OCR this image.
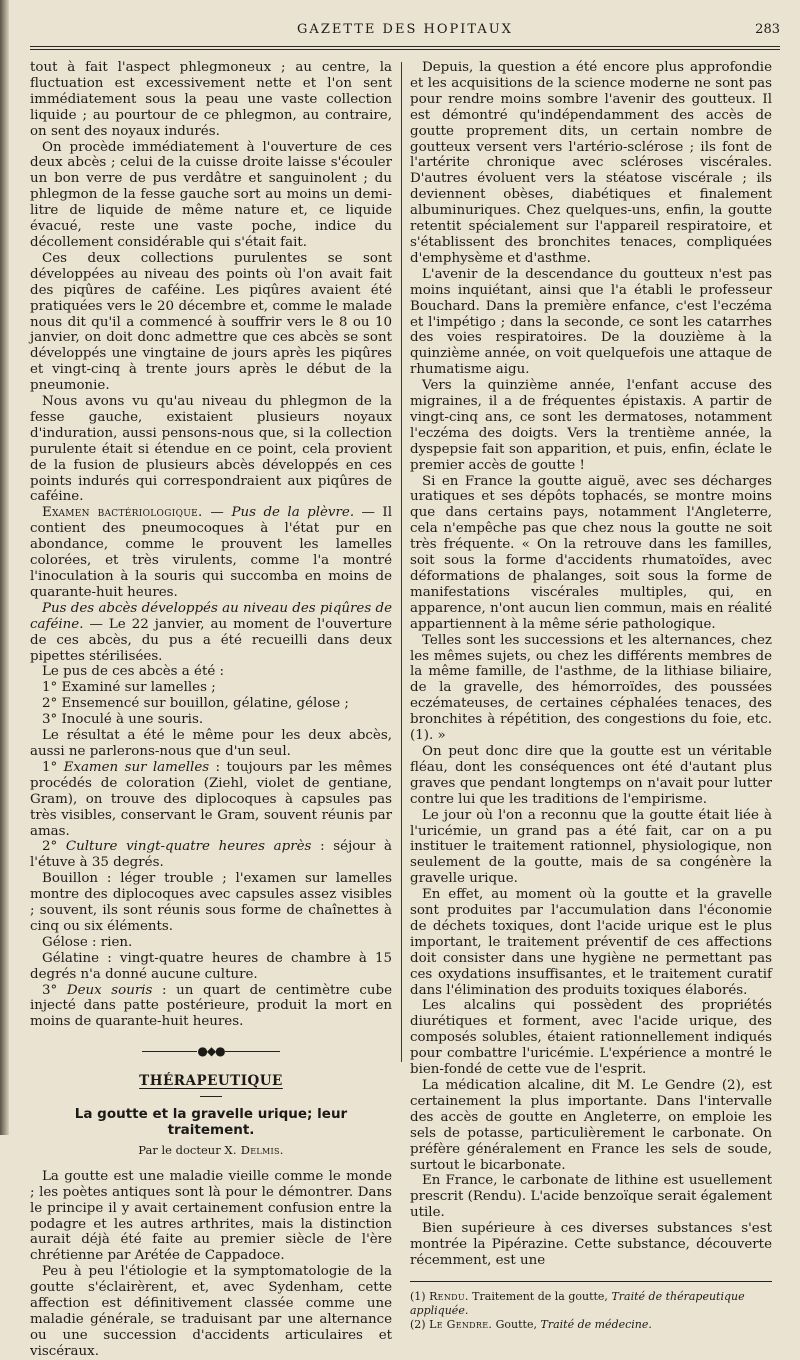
GAZETTE DES HOPITAUX	283

tout à fait l'aspect phlegmoneux ; au centre, la fluctuation est excessivement nette et l'on sent immédiatement sous la peau une vaste collection liquide ; au pourtour de ce phlegmon, au contraire, on sent des noyaux indurés.

On procède immédiatement à l'ouverture de ces deux abcès ; celui de la cuisse droite laisse s'écouler un bon verre de pus verdâtre et sanguinolent ; du phlegmon de la fesse gauche sort au moins un demi-litre de liquide de même nature et, ce liquide évacué, reste une vaste poche, indice du décollement considérable qui s'était fait.

Ces deux collections purulentes se sont développées au niveau des points où l'on avait fait des piqûres de caféine. Les piqûres avaient été pratiquées vers le 20 décembre et, comme le malade nous dit qu'il a commencé à souffrir vers le 8 ou 10 janvier, on doit donc admettre que ces abcès se sont développés une vingtaine de jours après les piqûres et vingt-cinq à trente jours après le début de la pneumonie.

Nous avons vu qu'au niveau du phlegmon de la fesse gauche, existaient plusieurs noyaux d'induration, aussi pensons-nous que, si la collection purulente était si étendue en ce point, cela provient de la fusion de plusieurs abcès développés en ces points indurés qui correspondraient aux piqûres de caféine.

Examen bactériologique. — Pus de la plèvre. — Il contient des pneumocoques à l'état pur en abondance, comme le prouvent les lamelles colorées, et très virulents, comme l'a montré l'inoculation à la souris qui succomba en moins de quarante-huit heures.

Pus des abcès développés au niveau des piqûres de caféine. — Le 22 janvier, au moment de l'ouverture de ces abcès, du pus a été recueilli dans deux pipettes stérilisées.

Le pus de ces abcès a été :

1° Examiné sur lamelles ;

2° Ensemencé sur bouillon, gélatine, gélose ;

3° Inoculé à une souris.

Le résultat a été le même pour les deux abcès, aussi ne parlerons-nous que d'un seul.

1° Examen sur lamelles : toujours par les mêmes procédés de coloration (Ziehl, violet de gentiane, Gram), on trouve des diplocoques à capsules pas très visibles, conservant le Gram, souvent réunis par amas.

2° Culture vingt-quatre heures après : séjour à l'étuve à 35 degrés.

Bouillon : léger trouble ; l'examen sur lamelles montre des diplocoques avec capsules assez visibles ; souvent, ils sont réunis sous forme de chaînettes à cinq ou six éléments.

Gélose : rien.

Gélatine : vingt-quatre heures de chambre à 15 degrés n'a donné aucune culture.

3° Deux souris : un quart de centimètre cube injecté dans patte postérieure, produit la mort en moins de quarante-huit heures.

●◆●
THÉRAPEUTIQUE
La goutte et la gravelle urique; leur traitement.
Par le docteur X. Delmis.

La goutte est une maladie vieille comme le monde ; les poètes antiques sont là pour le démontrer. Dans le principe il y avait certainement confusion entre la podagre et les autres arthrites, mais la distinction aurait déjà été faite au premier siècle de l'ère chrétienne par Arétée de Cappadoce.

Peu à peu l'étiologie et la symptomatologie de la goutte s'éclairèrent, et, avec Sydenham, cette affection est définitivement classée comme une maladie générale, se traduisant par une alternance ou une succession d'accidents articulaires et viscéraux.

Depuis, la question a été encore plus approfondie et les acquisitions de la science moderne ne sont pas pour rendre moins sombre l'avenir des goutteux. Il est démontré qu'indépendamment des accès de goutte proprement dits, un certain nombre de goutteux versent vers l'artério-sclérose ; ils font de l'artérite chronique avec scléroses viscérales. D'autres évoluent vers la stéatose viscérale ; ils deviennent obèses, diabétiques et finalement albuminuriques. Chez quelques-uns, enfin, la goutte retentit spécialement sur l'appareil respiratoire, et s'établissent des bronchites tenaces, compliquées d'emphysème et d'asthme.

L'avenir de la descendance du goutteux n'est pas moins inquiétant, ainsi que l'a établi le professeur Bouchard. Dans la première enfance, c'est l'eczéma et l'impétigo ; dans la seconde, ce sont les catarrhes des voies respiratoires. De la douzième à la quinzième année, on voit quelquefois une attaque de rhumatisme aigu.

Vers la quinzième année, l'enfant accuse des migraines, il a de fréquentes épistaxis. A partir de vingt-cinq ans, ce sont les dermatoses, notamment l'eczéma des doigts. Vers la trentième année, la dyspepsie fait son apparition, et puis, enfin, éclate le premier accès de goutte !

Si en France la goutte aiguë, avec ses décharges uratiques et ses dépôts tophacés, se montre moins que dans certains pays, notamment l'Angleterre, cela n'empêche pas que chez nous la goutte ne soit très fréquente. « On la retrouve dans les familles, soit sous la forme d'accidents rhumatoïdes, avec déformations de phalanges, soit sous la forme de manifestations viscérales multiples, qui, en apparence, n'ont aucun lien commun, mais en réalité appartiennent à la même série pathologique.

Telles sont les successions et les alternances, chez les mêmes sujets, ou chez les différents membres de la même famille, de l'asthme, de la lithiase biliaire, de la gravelle, des hémorroïdes, des poussées eczémateuses, de certaines céphalées tenaces, des bronchites à répétition, des congestions du foie, etc. (1). »

On peut donc dire que la goutte est un véritable fléau, dont les conséquences ont été d'autant plus graves que pendant longtemps on n'avait pour lutter contre lui que les traditions de l'empirisme.

Le jour où l'on a reconnu que la goutte était liée à l'uricémie, un grand pas a été fait, car on a pu instituer le traitement rationnel, physiologique, non seulement de la goutte, mais de sa congénère la gravelle urique.

En effet, au moment où la goutte et la gravelle sont produites par l'accumulation dans l'économie de déchets toxiques, dont l'acide urique est le plus important, le traitement préventif de ces affections doit consister dans une hygiène ne permettant pas ces oxydations insuffisantes, et le traitement curatif dans l'élimination des produits toxiques élaborés.

Les alcalins qui possèdent des propriétés diurétiques et forment, avec l'acide urique, des composés solubles, étaient rationnellement indiqués pour combattre l'uricémie. L'expérience a montré le bien-fondé de cette vue de l'esprit.

La médication alcaline, dit M. Le Gendre (2), est certainement la plus importante. Dans l'intervalle des accès de goutte en Angleterre, on emploie les sels de potasse, particulièrement le carbonate. On préfère généralement en France les sels de soude, surtout le bicarbonate.

En France, le carbonate de lithine est usuellement prescrit (Rendu). L'acide benzoïque serait également utile.

Bien supérieure à ces diverses substances s'est montrée la Pipérazine. Cette substance, découverte récemment, est une

(1) Rendu. Traitement de la goutte, Traité de thérapeutique appliquée.
(2) Le Gendre. Goutte, Traité de médecine.
